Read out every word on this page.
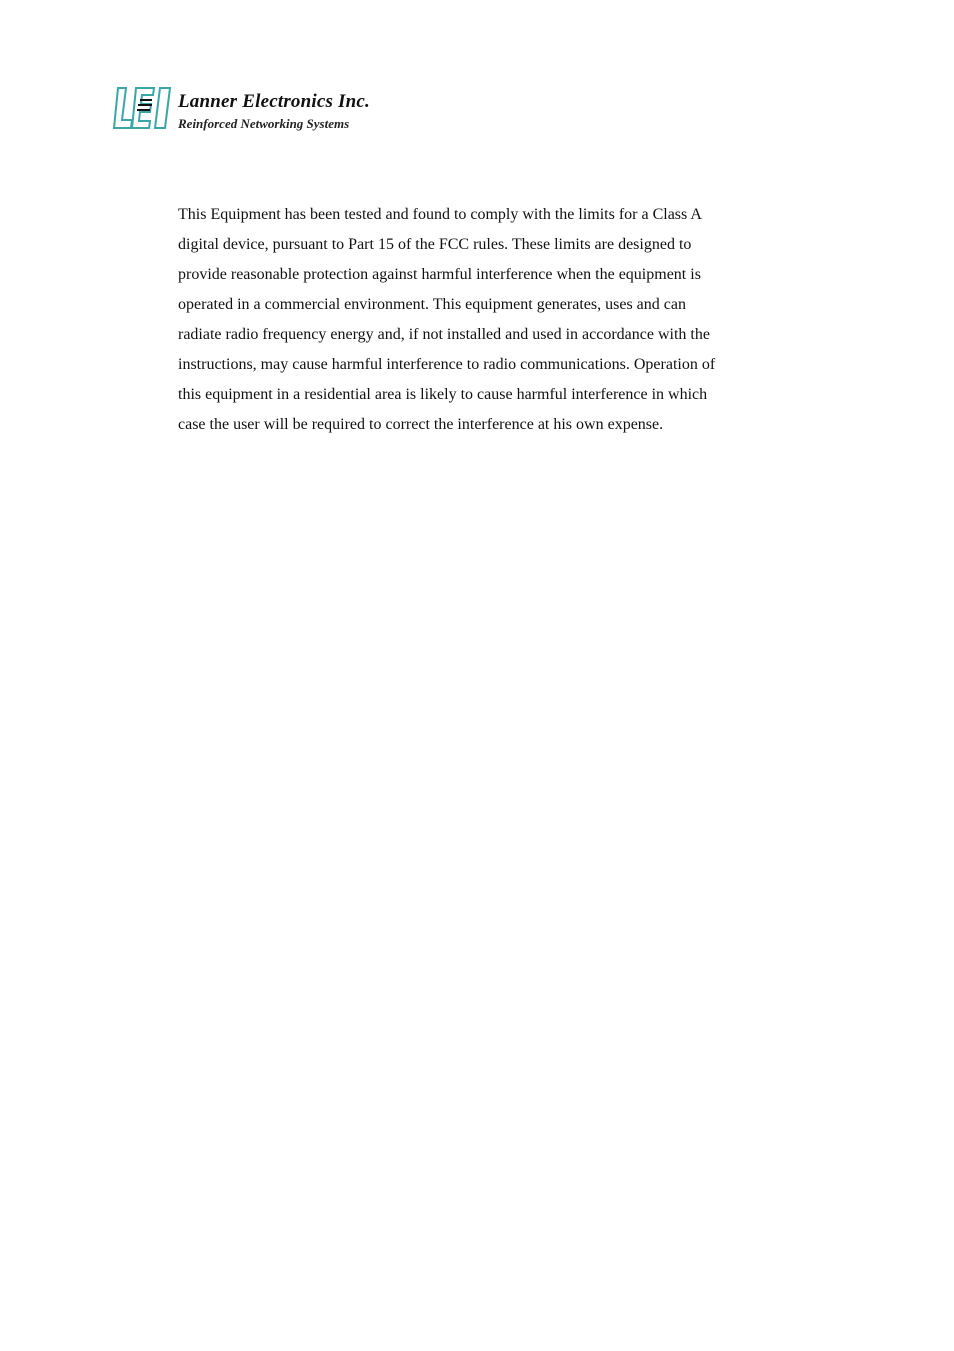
Lanner Electronics Inc.
Reinforced Networking Systems

This Equipment has been tested and found to comply with the limits for a Class A

digital device, pursuant to Part 15 of the FCC rules. These limits are designed to

provide reasonable protection against harmful interference when the equipment is

operated in a commercial environment. This equipment generates, uses and can

radiate radio frequency energy and, if not installed and used in accordance with the

instructions, may cause harmful interference to radio communications. Operation of

this equipment in a residential area is likely to cause harmful interference in which

case the user will be required to correct the interference at his own expense.
